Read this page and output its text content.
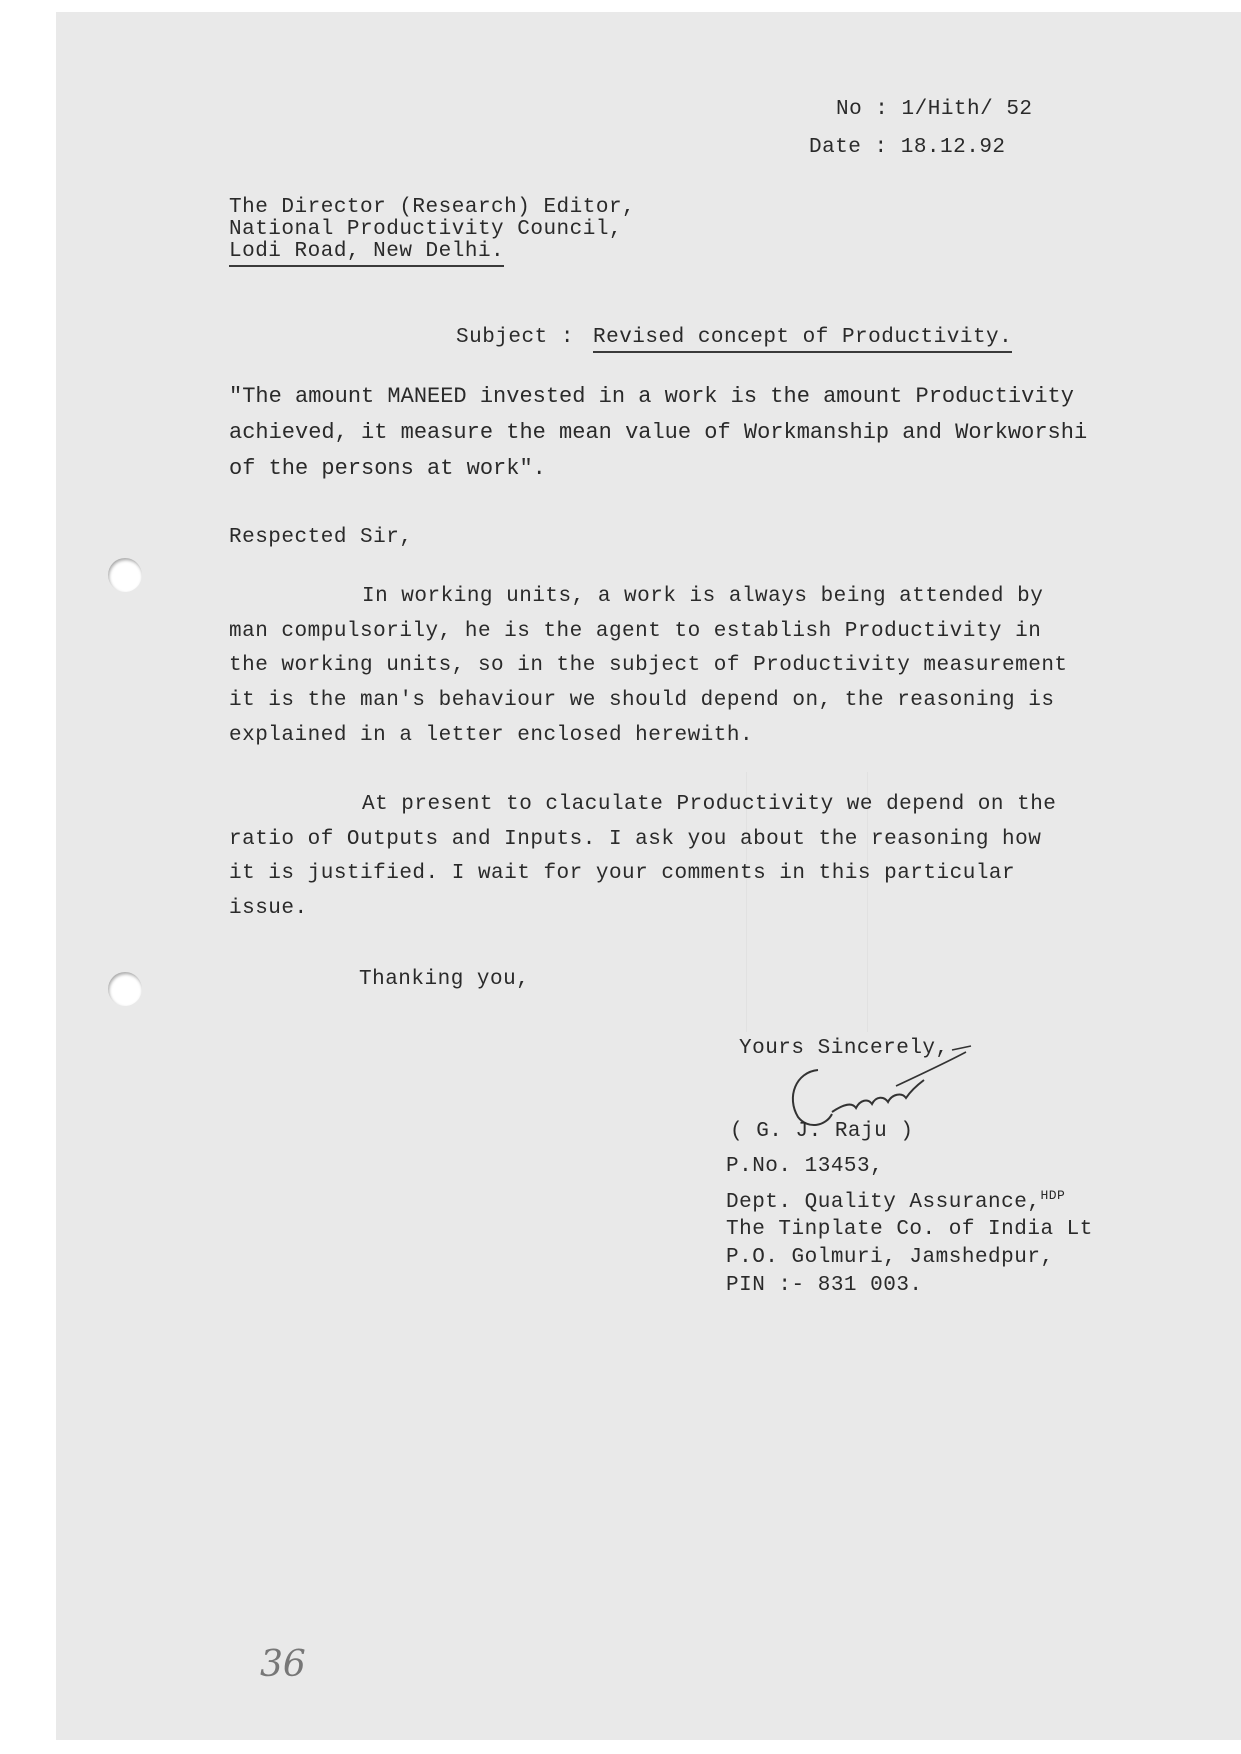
No : 1/Hith/ 52
Date : 18.12.92
The Director (Research) Editor,
National Productivity Council,
Lodi Road, New Delhi.
Subject : Revised concept of Productivity.
"The amount MANEED invested in a work is the amount Productivity
achieved, it measure the mean value of Workmanship and Workworshi
of the persons at work".
Respected Sir,
In working units, a work is always being attended by
man compulsorily, he is the agent to establish Productivity in
the working units, so in the subject of Productivity measurement
it is the man's behaviour we should depend on, the reasoning is
explained in a letter enclosed herewith.
At present to claculate Productivity we depend on the
ratio of Outputs and Inputs. I ask you about the reasoning how
it is justified. I wait for your comments in this particular
issue.
Thanking you,
Yours Sincerely,
( G. J. Raju )
P.No. 13453,
Dept. Quality Assurance,$^{HDP}$
The Tinplate Co. of India Lt
P.O. Golmuri, Jamshedpur,
PIN :- 831 003.
36
